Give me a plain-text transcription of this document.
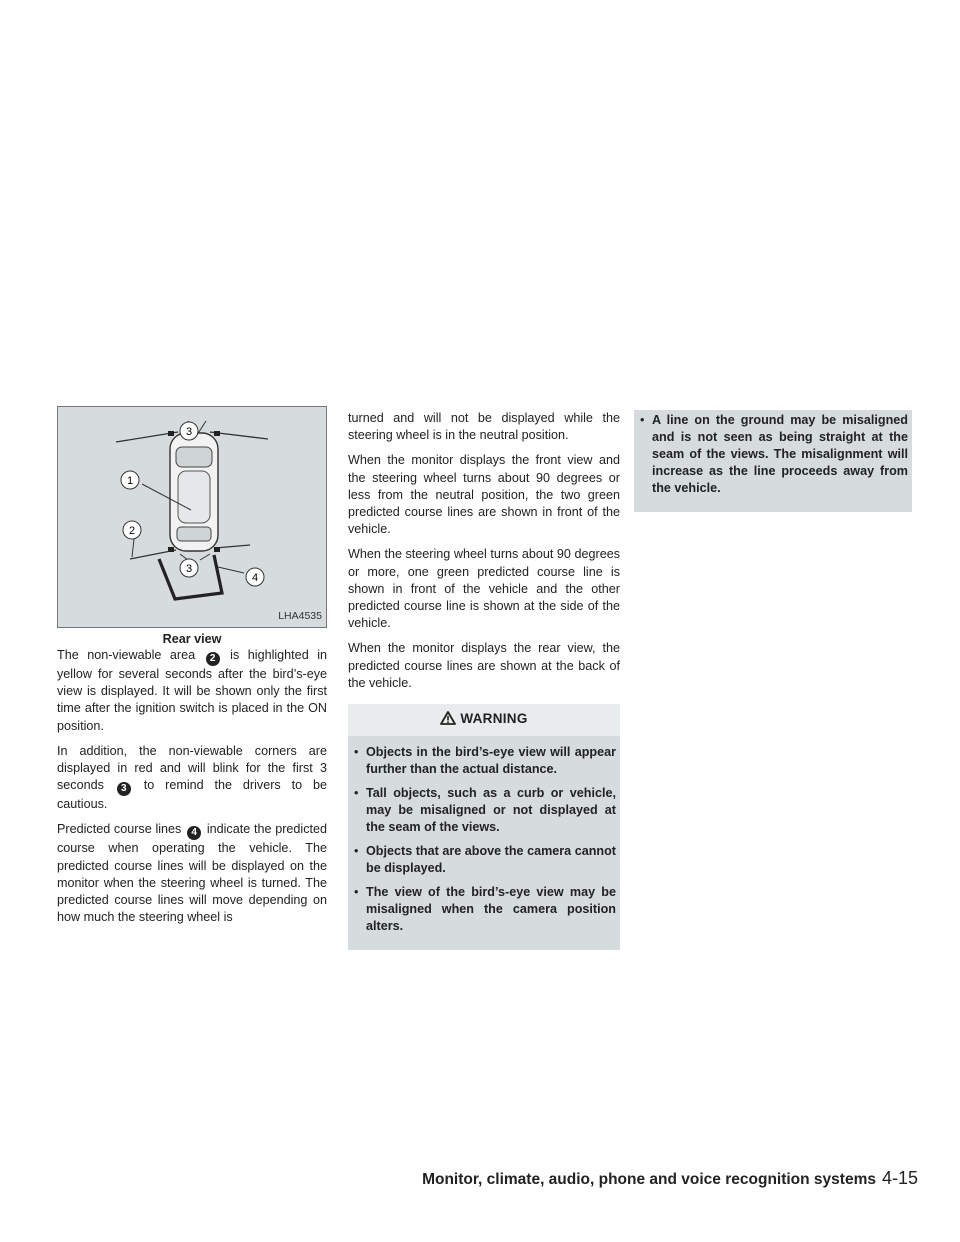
3
1
2
3
4
LHA4535
Rear view

The non-viewable area 2 is highlighted in yellow for several seconds after the bird’s-eye view is displayed. It will be shown only the first time after the ignition switch is placed in the ON position.

In addition, the non-viewable corners are displayed in red and will blink for the first 3 seconds 3 to remind the drivers to be cautious.

Predicted course lines 4 indicate the predicted course when operating the vehicle. The predicted course lines will be displayed on the monitor when the steering wheel is turned. The predicted course lines will move depending on how much the steering wheel is

turned and will not be displayed while the steering wheel is in the neutral position.

When the monitor displays the front view and the steering wheel turns about 90 degrees or less from the neutral position, the two green predicted course lines are shown in front of the vehicle.

When the steering wheel turns about 90 degrees or more, one green predicted course line is shown in front of the vehicle and the other predicted course line is shown at the side of the vehicle.

When the monitor displays the rear view, the predicted course lines are shown at the back of the vehicle.

WARNING
• Objects in the bird’s-eye view will appear further than the actual distance.
• Tall objects, such as a curb or vehicle, may be misaligned or not displayed at the seam of the views.
• Objects that are above the camera cannot be displayed.
• The view of the bird’s-eye view may be misaligned when the camera position alters.
• A line on the ground may be misaligned and is not seen as being straight at the seam of the views. The misalignment will increase as the line proceeds away from the vehicle.
Monitor, climate, audio, phone and voice recognition systems 4-15
